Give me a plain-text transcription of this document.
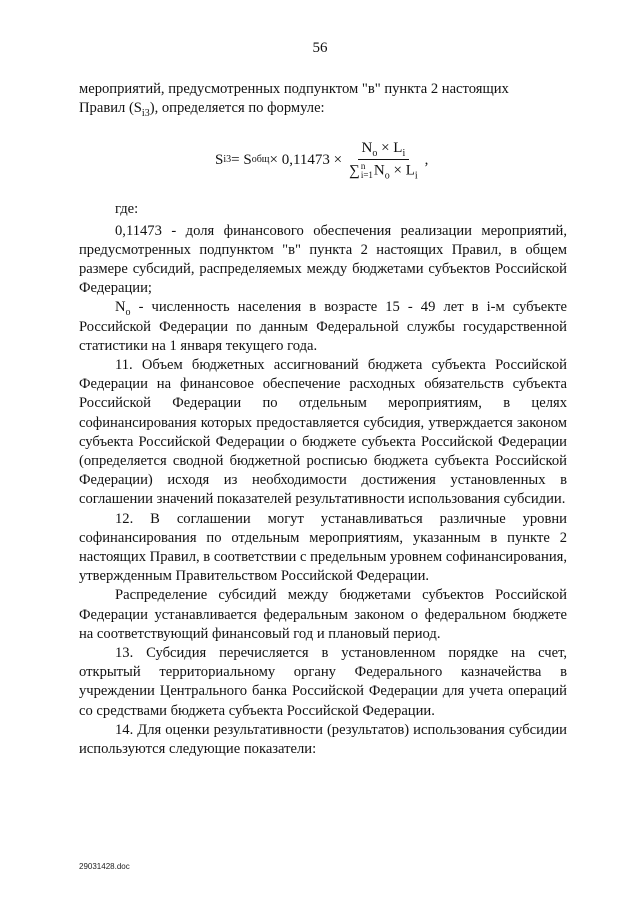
56

мероприятий, предусмотренных подпунктом "в" пункта 2 настоящих
Правил $(S_{i3})$, определяется по формуле:

S i3 = S общ × 0,11473 ×
$N_o \times L_i$
∑ n
i=1 $N_o \times L_i$
,

где:

0,11473 - доля финансового обеспечения реализации мероприятий, предусмотренных подпунктом "в" пункта 2 настоящих Правил, в общем размере субсидий, распределяемых между бюджетами субъектов Российской Федерации;

$N_o$ - численность населения в возрасте 15 - 49 лет в i-м субъекте Российской Федерации по данным Федеральной службы государственной статистики на 1 января текущего года.

11. Объем бюджетных ассигнований бюджета субъекта Российской Федерации на финансовое обеспечение расходных обязательств субъекта Российской Федерации по отдельным мероприятиям, в целях софинансирования которых предоставляется субсидия, утверждается законом субъекта Российской Федерации о бюджете субъекта Российской Федерации (определяется сводной бюджетной росписью бюджета субъекта Российской Федерации) исходя из необходимости достижения установленных в соглашении значений показателей результативности использования субсидии.

12. В соглашении могут устанавливаться различные уровни софинансирования по отдельным мероприятиям, указанным в пункте 2 настоящих Правил, в соответствии с предельным уровнем софинансирования, утвержденным Правительством Российской Федерации.

Распределение субсидий между бюджетами субъектов Российской Федерации устанавливается федеральным законом о федеральном бюджете на соответствующий финансовый год и плановый период.

13. Субсидия перечисляется в установленном порядке на счет, открытый территориальному органу Федерального казначейства в учреждении Центрального банка Российской Федерации для учета операций со средствами бюджета субъекта Российской Федерации.

14. Для оценки результативности (результатов) использования субсидии используются следующие показатели:

29031428.doc
